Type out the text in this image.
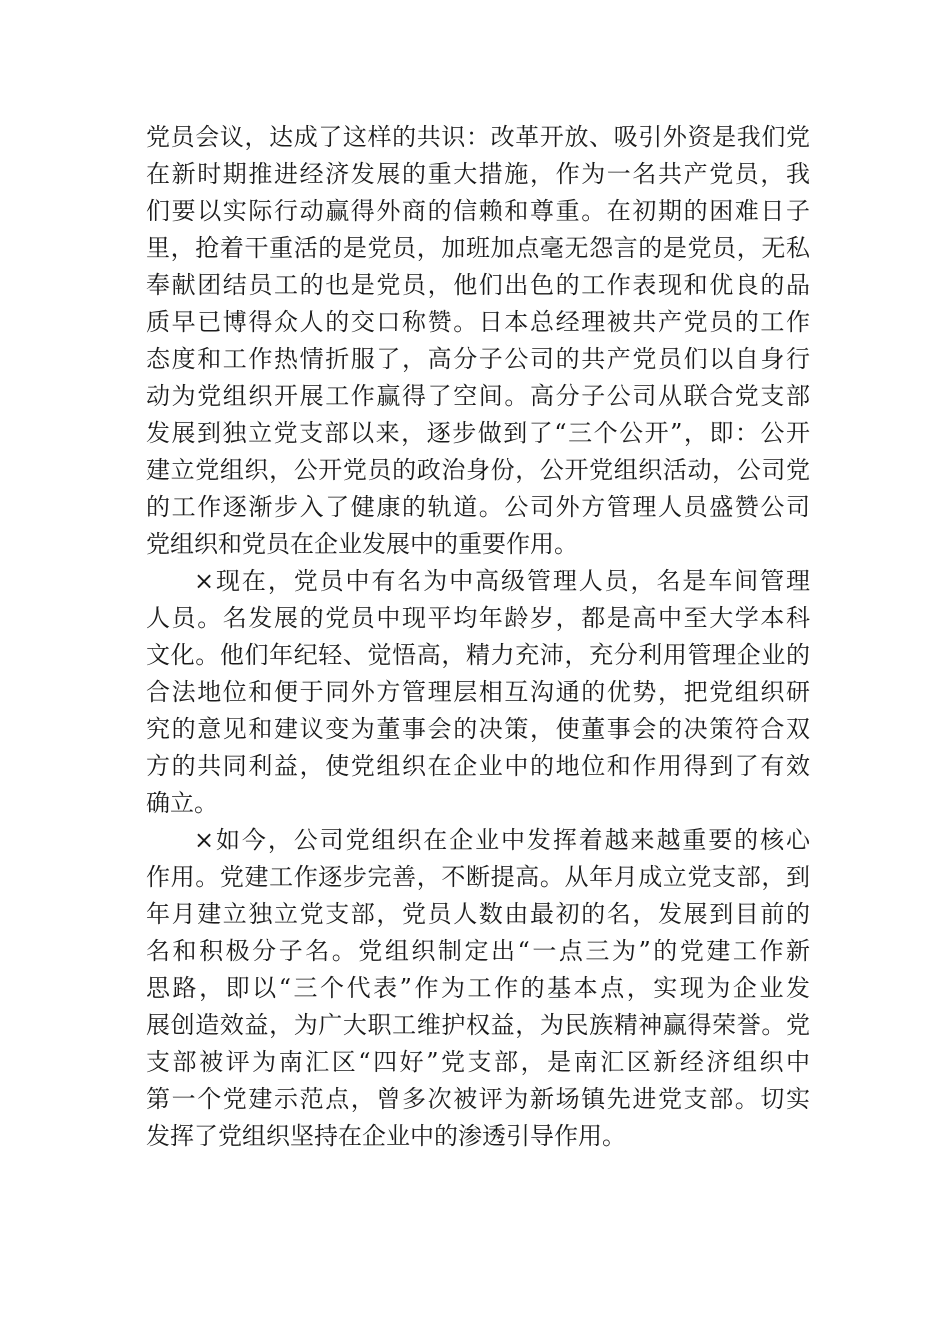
党员会议，达成了这样的共识：改革开放、吸引外资是我们党
在新时期推进经济发展的重大措施，作为一名共产党员，我
们要以实际行动赢得外商的信赖和尊重。在初期的困难日子
里，抢着干重活的是党员，加班加点毫无怨言的是党员，无私
奉献团结员工的也是党员，他们出色的工作表现和优良的品
质早已博得众人的交口称赞。日本总经理被共产党员的工作
态度和工作热情折服了，高分子公司的共产党员们以自身行
动为党组织开展工作赢得了空间。高分子公司从联合党支部
发展到独立党支部以来，逐步做到了“三个公开”，即：公开
建立党组织，公开党员的政治身份，公开党组织活动，公司党
的工作逐渐步入了健康的轨道。公司外方管理人员盛赞公司
党组织和党员在企业发展中的重要作用。
×现在，党员中有名为中高级管理人员，名是车间管理
人员。名发展的党员中现平均年龄岁，都是高中至大学本科
文化。他们年纪轻、觉悟高，精力充沛，充分利用管理企业的
合法地位和便于同外方管理层相互沟通的优势，把党组织研
究的意见和建议变为董事会的决策，使董事会的决策符合双
方的共同利益，使党组织在企业中的地位和作用得到了有效
确立。
×如今，公司党组织在企业中发挥着越来越重要的核心
作用。党建工作逐步完善，不断提高。从年月成立党支部，到
年月建立独立党支部，党员人数由最初的名，发展到目前的
名和积极分子名。党组织制定出“一点三为”的党建工作新
思路，即以“三个代表”作为工作的基本点，实现为企业发
展创造效益，为广大职工维护权益，为民族精神赢得荣誉。党
支部被评为南汇区“四好”党支部，是南汇区新经济组织中
第一个党建示范点，曾多次被评为新场镇先进党支部。切实
发挥了党组织坚持在企业中的渗透引导作用。
